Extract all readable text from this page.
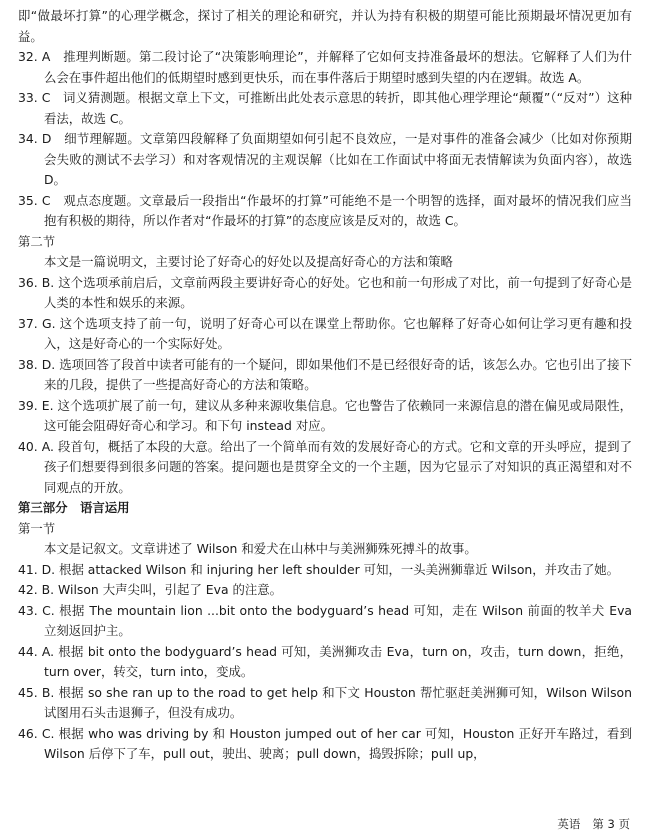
即“做最坏打算”的心理学概念，探讨了相关的理论和研究，并认为持有积极的期望可能比预期最坏情况更加有益。

32. A　推理判断题。第二段讨论了“决策影响理论”，并解释了它如何支持准备最坏的想法。它解释了人们为什么会在事件超出他们的低期望时感到更快乐，而在事件落后于期望时感到失望的内在逻辑。故选 A。

33. C　词义猜测题。根据文章上下文，可推断出此处表示意思的转折，即其他心理学理论“颠覆”（“反对”）这种看法，故选 C。

34. D　细节理解题。文章第四段解释了负面期望如何引起不良效应，一是对事件的准备会减少（比如对你预期会失败的测试不去学习）和对客观情况的主观误解（比如在工作面试中将面无表情解读为负面内容），故选 D。

35. C　观点态度题。文章最后一段指出“作最坏的打算”可能绝不是一个明智的选择，面对最坏的情况我们应当抱有积极的期待，所以作者对“作最坏的打算”的态度应该是反对的，故选 C。

第二节

本文是一篇说明文，主要讨论了好奇心的好处以及提高好奇心的方法和策略

36. B. 这个选项承前启后，文章前两段主要讲好奇心的好处。它也和前一句形成了对比，前一句提到了好奇心是人类的本性和娱乐的来源。

37. G. 这个选项支持了前一句，说明了好奇心可以在课堂上帮助你。它也解释了好奇心如何让学习更有趣和投入，这是好奇心的一个实际好处。

38. D. 选项回答了段首中读者可能有的一个疑问，即如果他们不是已经很好奇的话，该怎么办。它也引出了接下来的几段，提供了一些提高好奇心的方法和策略。

39. E. 这个选项扩展了前一句，建议从多种来源收集信息。它也警告了依赖同一来源信息的潜在偏见或局限性，这可能会阻碍好奇心和学习。和下句 instead 对应。

40. A. 段首句，概括了本段的大意。给出了一个简单而有效的发展好奇心的方式。它和文章的开头呼应，提到了孩子们想要得到很多问题的答案。提问题也是贯穿全文的一个主题，因为它显示了对知识的真正渴望和对不同观点的开放。

第三部分　语言运用

第一节

本文是记叙文。文章讲述了 Wilson 和爱犬在山林中与美洲狮殊死搏斗的故事。

41. D. 根据 attacked Wilson 和 injuring her left shoulder 可知，一头美洲狮靠近 Wilson，并攻击了她。

42. B. Wilson 大声尖叫，引起了 Eva 的注意。

43. C. 根据 The mountain lion ...bit onto the bodyguard’s head 可知，走在 Wilson 前面的牧羊犬 Eva 立刻返回护主。

44. A. 根据 bit onto the bodyguard’s head 可知，美洲狮攻击 Eva，turn on，攻击，turn down，拒绝，turn over，转交，turn into，变成。

45. B. 根据 so she ran up to the road to get help 和下文 Houston 帮忙驱赶美洲狮可知，Wilson Wilson 试图用石头击退狮子，但没有成功。

46. C. 根据 who was driving by 和 Houston jumped out of her car 可知，Houston 正好开车路过，看到 Wilson 后停下了车，pull out，驶出、驶离；pull down，捣毁拆除；pull up，

英语 第 3 页
